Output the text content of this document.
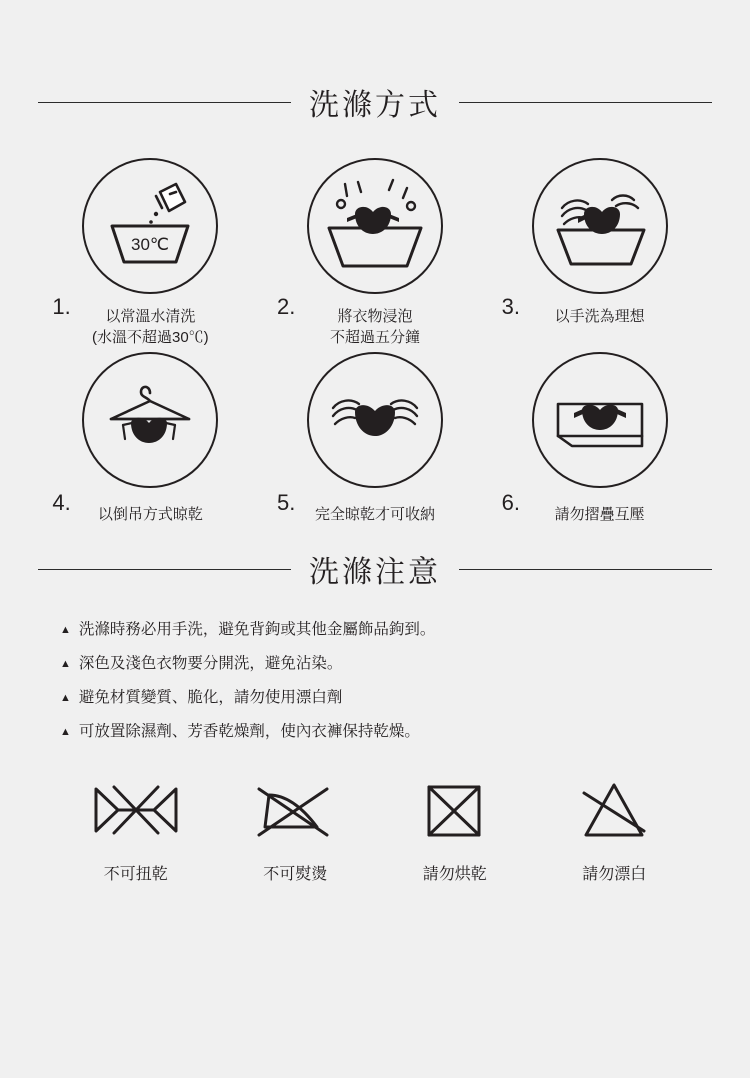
洗滌方式
30℃
1.	以常溫水清洗
(水溫不超過30℃)
2.	將衣物浸泡
不超過五分鐘
3.	以手洗為理想
4.	以倒吊方式晾乾	5.	完全晾乾才可收納	6.	請勿摺疊互壓
洗滌注意
▲ 洗滌時務必用手洗，避免背鉤或其他金屬飾品鉤到。
▲ 深色及淺色衣物要分開洗，避免沾染。
▲ 避免材質變質、脆化，請勿使用漂白劑
▲ 可放置除濕劑、芳香乾燥劑，使內衣褲保持乾燥。
不可扭乾	不可熨燙	請勿烘乾	請勿漂白
